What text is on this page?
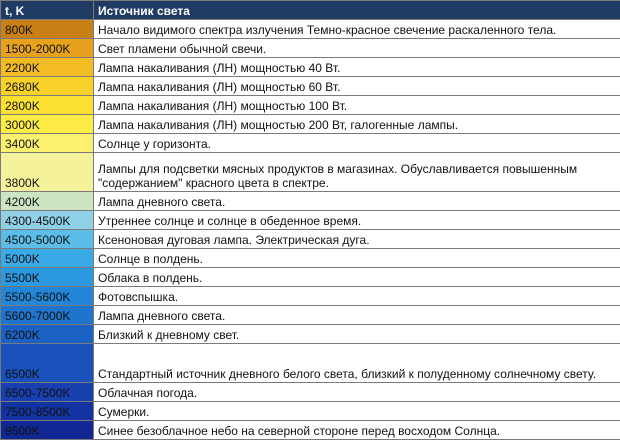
t, K	Источник света
800K	Начало видимого спектра излучения Темно-красное свечение раскаленного тела.
1500-2000K	Свет пламени обычной свечи.
2200K	Лампа накаливания (ЛН) мощностью 40 Вт.
2680K	Лампа накаливания (ЛН) мощностью 60 Вт.
2800K	Лампа накаливания (ЛН) мощностью 100 Вт.
3000K	Лампа накаливания (ЛН) мощностью 200 Вт, галогенные лампы.
3400K	Солнце у горизонта.
3800K	Лампы для подсветки мясных продуктов в магазинах. Обуславливается повышенным "содержанием" красного цвета в спектре.
4200K	Лампа дневного света.
4300-4500K	Утреннее солнце и солнце в обеденное время.
4500-5000K	Ксеноновая дуговая лампа. Электрическая дуга.
5000K	Солнце в полдень.
5500K	Облака в полдень.
5500-5600K	Фотовспышка.
5600-7000K	Лампа дневного света.
6200K	Близкий к дневному свет.
6500K	Стандартный источник дневного белого света, близкий к полуденному солнечному свету.
6500-7500K	Облачная погода.
7500-8500K	Сумерки.
9500K	Синее безоблачное небо на северной стороне перед восходом Солнца.
